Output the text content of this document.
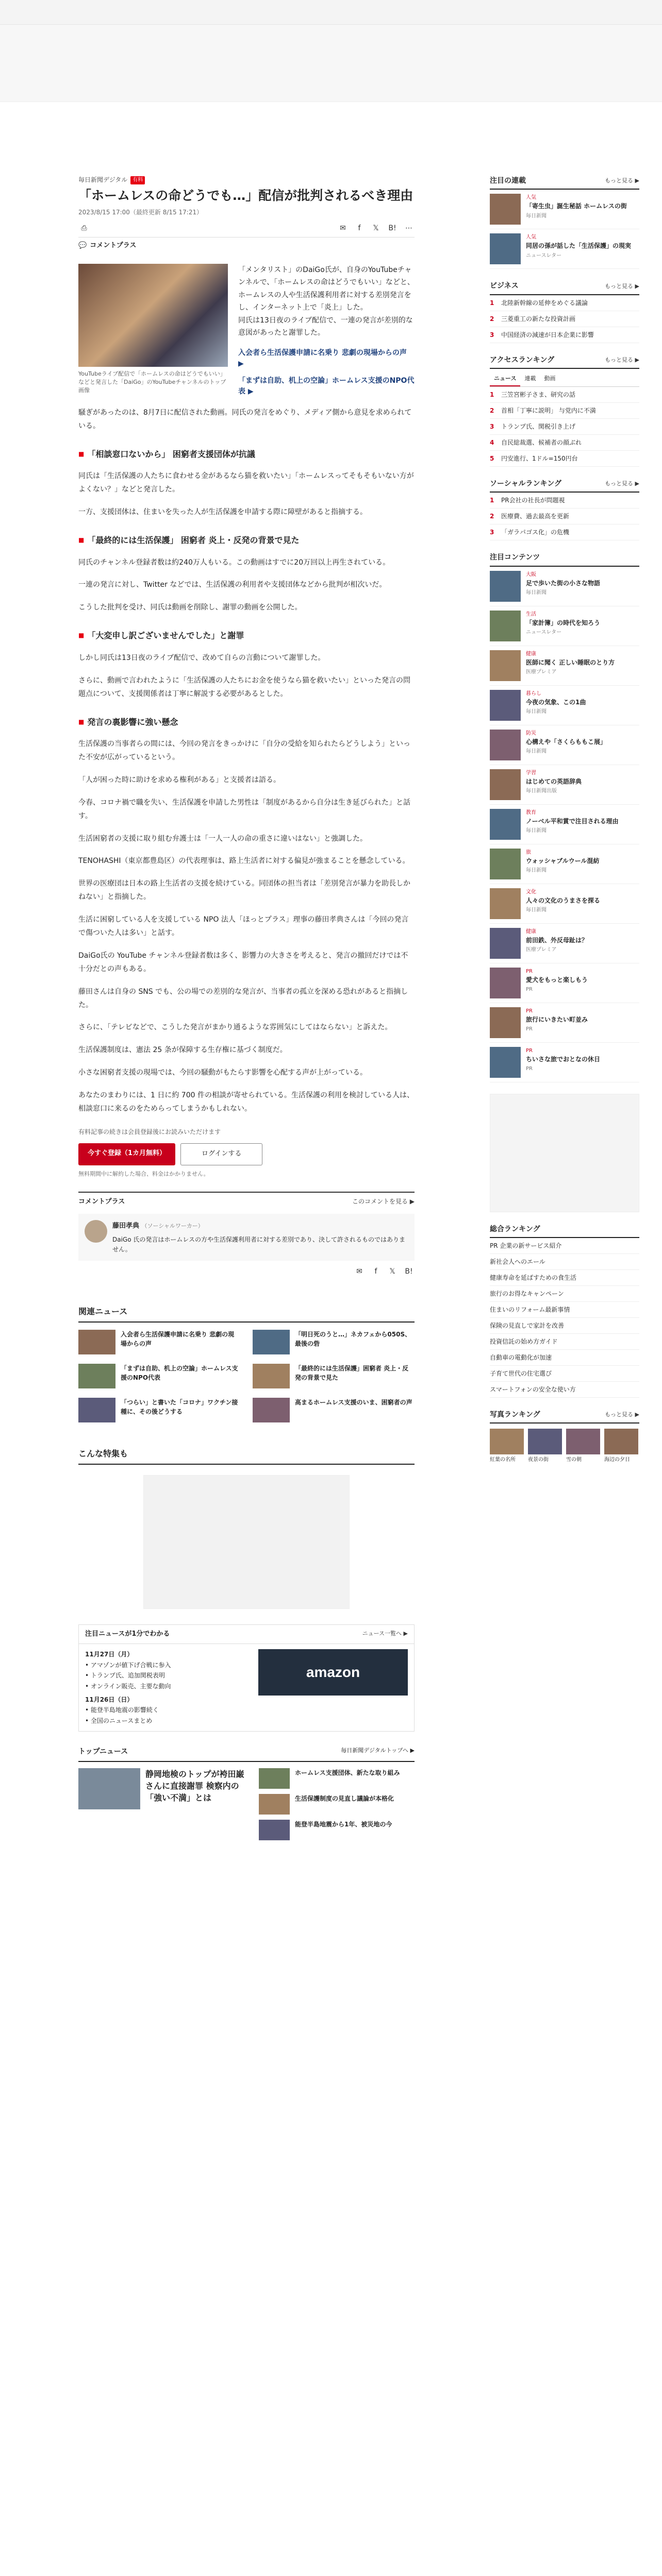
毎日新聞デジタル	有料
「ホームレスの命どうでも…」配信が批判されるべき理由
2023/8/15 17:00（最終更新 8/15 17:21）
⎙	✉	f	𝕏	B! ⋯
💬 コメントプラス
YouTubeライブ配信で「ホームレスの命はどうでもいい」などと発言した「DaiGo」のYouTubeチャンネルのトップ画像

「メンタリスト」のDaiGo氏が、自身のYouTubeチャンネルで、「ホームレスの命はどうでもいい」などと、ホームレスの人や生活保護利用者に対する差別発言をし、インターネット上で「炎上」した。

同氏は13日夜のライブ配信で、一連の発言が差別的な意図があったと謝罪した。

入会者ら生活保護申請に名乗り 悲劇の現場からの声 ▶
「まずは自助、机上の空論」ホームレス支援のNPO代表 ▶

騒ぎがあったのは、8月7日に配信された動画。同氏の発言をめぐり、メディア側から意見を求められている。

■ 「相談窓口ないから」 困窮者支援団体が抗議

同氏は「生活保護の人たちに食わせる金があるなら猫を救いたい」「ホームレスってそもそもいない方がよくない？」などと発言した。

一方、支援団体は、住まいを失った人が生活保護を申請する際に障壁があると指摘する。

■ 「最終的には生活保護」 困窮者 炎上・反発の背景で見た

同氏のチャンネル登録者数は約240万人もいる。この動画はすでに20万回以上再生されている。

一連の発言に対し、Twitter などでは、生活保護の利用者や支援団体などから批判が相次いだ。

こうした批判を受け、同氏は動画を削除し、謝罪の動画を公開した。

■ 「大変申し訳ございませんでした」と謝罪

しかし同氏は13日夜のライブ配信で、改めて自らの言動について謝罪した。

さらに、動画で言われたように「生活保護の人たちにお金を使うなら猫を救いたい」といった発言の問題点について、支援関係者は丁寧に解説する必要があるとした。

■ 発言の裏影響に強い懸念

生活保護の当事者らの間には、今回の発言をきっかけに「自分の受給を知られたらどうしよう」といった不安が広がっているという。

「人が困った時に助けを求める権利がある」と支援者は語る。

今春、コロナ禍で職を失い、生活保護を申請した男性は「制度があるから自分は生き延びられた」と話す。

生活困窮者の支援に取り組む弁護士は「一人一人の命の重さに違いはない」と強調した。

TENOHASHI（東京都豊島区）の代表理事は、路上生活者に対する偏見が強まることを懸念している。

世界の医療団は日本の路上生活者の支援を続けている。同団体の担当者は「差別発言が暴力を助長しかねない」と指摘した。

生活に困窮している人を支援している NPO 法人「ほっとプラス」理事の藤田孝典さんは「今回の発言で傷ついた人は多い」と話す。

DaiGo氏の YouTube チャンネル登録者数は多く、影響力の大きさを考えると、発言の撤回だけでは不十分だとの声もある。

藤田さんは自身の SNS でも、公の場での差別的な発言が、当事者の孤立を深める恐れがあると指摘した。

さらに、「テレビなどで、こうした発言がまかり通るような雰囲気にしてはならない」と訴えた。

生活保護制度は、憲法 25 条が保障する生存権に基づく制度だ。

小さな困窮者支援の現場では、今回の騒動がもたらす影響を心配する声が上がっている。

あなたのまわりには、1 日に約 700 件の相談が寄せられている。生活保護の利用を検討している人は、相談窓口に来るのをためらってしまうかもしれない。

有料記事の続きは会員登録後にお読みいただけます
今すぐ登録（1カ月無料）	ログインする
無料期間中に解約した場合、料金はかかりません。
コメントプラス	このコメントを見る ▶
藤田孝典 （ソーシャルワーカー）
DaiGo 氏の発言はホームレスの方や生活保護利用者に対する差別であり、決して許されるものではありません。
✉	f	𝕏	B!
関連ニュース
入会者ら生活保護申請に名乗り 悲劇の現場からの声
「明日死のうと…」ネカフェから050S、最後の砦
「まずは自助、机上の空論」ホームレス支援のNPO代表
「最終的には生活保護」困窮者 炎上・反発の背景で見た
「つらい」と書いた「コロナ」ワクチン接種に、その後どうする
高まるホームレス支援のいま、困窮者の声
こんな特集も
注目ニュースが1分でわかる	ニュース一覧へ ▶
11月27日（月）
• アマゾンが値下げ合戦に参入
• トランプ氏、追加関税表明
• オンライン販売、主要な動向
11月26日（日）
• 能登半島地震の影響続く
• 全国のニュースまとめ
amazon
トップニュース	毎日新聞デジタルトップへ ▶
静岡地検のトップが袴田巌さんに直接謝罪 検察内の「強い不満」とは
ホームレス支援団体、新たな取り組み
生活保護制度の見直し議論が本格化
能登半島地震から1年、被災地の今
注目の連載	もっと見る ▶
人気
「寄生虫」誕生秘話 ホームレスの街
毎日新聞
人気
同居の孫が話した「生活保護」の現実
ニュースレター
ビジネス	もっと見る ▶
1	北陸新幹線の延伸をめぐる議論
2	三菱重工の新たな投資計画
3	中国経済の減速が日本企業に影響
アクセスランキング	もっと見る ▶
ニュース	連載	動画
1	三笠宮彬子さま、研究の話
2	首相「丁寧に説明」 与党内に不満
3	トランプ氏、関税引き上げ
4	自民総裁選、候補者の顔ぶれ
5	円安進行、1ドル=150円台
ソーシャルランキング	もっと見る ▶
1	PR会社の社長が問題視
2	医療費、過去最高を更新
3	「ガラパゴス化」の危機
注目コンテンツ
大阪
足で歩いた街の小さな物語
毎日新聞
生活
「家計簿」の時代を知ろう
ニュースレター
健康
医師に聞く 正しい睡眠のとり方
医療プレミア
暮らし
今夜の気象、この1曲
毎日新聞
防災
心構えや「さくらももこ展」
毎日新聞
学習
はじめての英語辞典
毎日新聞出版
教育
ノーベル平和賞で注目される理由
毎日新聞
旅
ウォッシャブルウール混紡
毎日新聞
文化
人々の文化のうまさを探る
毎日新聞
健康
前田鉄、外反母趾は？
医療プレミア
PR
愛犬をもっと楽しもう
PR
PR
旅行にいきたい町並み
PR
PR
ちいさな旅でおとなの休日
PR
総合ランキング
PR 企業の新サービス紹介
新社会人へのエール
健康寿命を延ばすための食生活
旅行のお得なキャンペーン
住まいのリフォーム最新事情
保険の見直しで家計を改善
投資信託の始め方ガイド
自動車の電動化が加速
子育て世代の住宅選び
スマートフォンの安全な使い方
写真ランキング	もっと見る ▶
紅葉の名所	夜景の街	雪の朝	海辺の夕日
